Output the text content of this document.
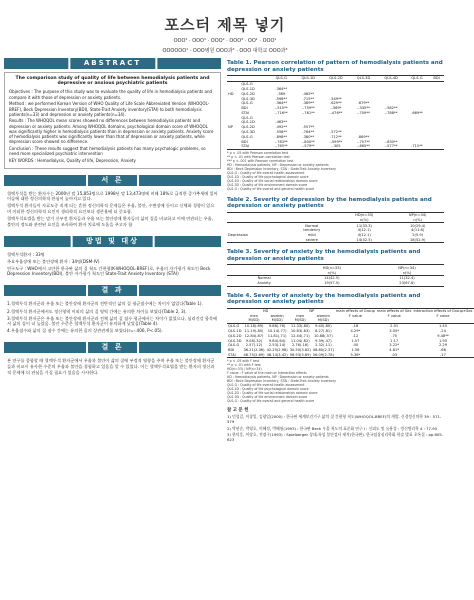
포스터 제목 넣기
OOO¹ · OOO¹ · OOO² · OOO³ · OO¹ · OOO¹
OOOOOO¹ · OOO병원 OOO과² · OOO 대학교 OOO과³
ABSTRACT
The comparison study of quality of life between hemodialysis patients and depressive or anxious psychiatric patients

Objectives : The purpose of this study was to evaluate the quality of life in hemodialysis patients and compare it with those of depression or anxiety patients.

Method : we performed Korean Version of WHO Quality of Life Scale Abbreviated Version (WHOQOL-BREF), Beck Depression Inventory(BDI), State-Trait Anxiety inventory(STAI) to both hemodialysis patients(n=33) and depression or anxiety patients(n=34).

Results : The WHOQOL mean scores showed no differences between hemodialysis patients and depression or anxiety patients. Among WHOQOL domains, psychological domain score of WHOQOL was significantly higher in hemodialysis patients than in depression or anxiety patients. Anxiety score of hemodialysis patients was significantly lower than that of depression or anxiety patients, while depression score showed no difference.

Conclusion : These results suggest that hemodialysis patients has many psychologic problems, so need more specialized psychiatric intervention

KEY WORDS : Hemodialysis, Quality of life, Depression, Anxiety

서 론

혈액투석을 받는 환자수는 2000년 말 15,853명으로 1998년 말 13,473명에 비해 18%로 급격한 증가추세에 있어 이들에 대한 정신의학적 관심이 높아지고 있다.

혈액투석 환자들이 자료도중 직계 되는 흔한 정신의학적 문제들은 우울, 불안, 수면장애 등이고 신체화 경향이 있으며 이러한 정신의학적 요인이 생리학적 요인보다 생존율에 더 중요함.

혈액투석요법을 받는 말기 신부전 환자들과 우울 또는 불안장애 환자들의 삶의 질을 비교하고 이에 연관되는 우울, 불안의 정도와 관련된 요인을 조사하여 환자 치료에 도움을 주고자 함

방법 및 대상

혈액투석환자 : 33명

주요우울장애 또는 불안장애 환자 : 34명(DSM-IV)

연구도구 : WHO에서 고안한 한국판 삶의 질 척도 간편형(K-WHOQOL-BREF)로, 우울의 자가평가 척도인 Beck Depression Inventory(BDI), 불안 자가평가 척도인 State-Trait Anxiety Inventory (STAI)

결 과

1.혈액투석 환자군과 우울 또는 불안장애 환자군의 전반적인 삶의 질 평균점수에는 차이가 없었다(Table 1).

2.혈액투석 환자군에서도 정신영역 이외의 삶의 질 영역 간에는 유의한 차이를 보였다(Table 2, 3).

3.혈액투석 환자군은 우울 또는 불안장애 환자군과 전체 삶의 질 점수 평균에서는 차이가 없었으나, 심리건강 항목에서 삶의 질이 더 높았음. 불안 수준은 혈액투석 환자군이 유의하게 낮았음(Table 4).

4.우울점수와 삶의 질 점수 간에는 유의한 음의 상관관계를 보였다(r=-.406, P<.05).

결 론

본 연구를 종합할 때 혈액투석 환자군에서 우울과 불안이 삶의 질에 부정적 영향을 주며 우울 또는 불안장애 환자군들과 비교시 유사한 수준의 우울과 불안을 경험하고 있음을 알 수 있었다. 이는 혈액투석요법을 받는 환자의 정신과적 문제에 더 관심을 가질 필요가 있음을 시사한다.

Table 1. Pearson correlation of pattern of hemodialysis patients and depression or anxiety patients
		QLS-G	QLS-1D	QLS-2D	QLS-3D	QLS-4D	QLS-G	BDI
	QLS-G							
	QLS-1D	.364**						
HD	QLS-2D	.369	.465**					
	QLS-3D	.598**	.715**	.549**				
	QLS-G	.364**	.369**	.629**	.679**			
	BDI	-.515**	-.759**	-.369*	-.335**	-.582**		
	STAI	-.716**	-.761**	-.476**	-.709**	-.788**	.669**	
	QLS-G							
	QLS-1D	.463**						
NP	QLS-2D	.492**	.557**					
	QLS-3D	.558**	.764**	.572**				
	QLS-G	.898**	.380**	.712**	.869**			
	BDI	-.763**	-.800**	-.599**	-.757**	-.630**		
	STAI	-.765**	-.579**	-.305	-.665**	-.577**	.715**	
* p < .05 with Pearson correlation test
** p < .01 with Pearson correlation test
*** p < .001 with Pearson correlation test
HD : Hemodialysis patients, NP : Depression or anxiety patients
BDI : Beck Depression Inventory, STAI : State-Trait Anxiety Inventory
QLS-G : Quality of life overall health assessment
QLS-1D : Quality of life psychological domain score
QLS-2D : Quality of life social relationships domain score
QLS-3D : Quality of life environment domain score
QLS-G : Quality of life overall and general health score
Table 2. Severity of depression by the hemodialysis patients and depression or anxiety patients
		HD(n=33)	NP(n=34)
		n(%)	n(%)
	Normal	11(33.3)	10(29.4)
	tendency	4(12.1)	4(11.8)
Depression	mild	4(12.1)	2(5.9)
	severe	14(42.5)	18(52.9)
Table 3. Severity of anxiety by the hemodialysis patients and depression or anxiety patients
		HD(n=33)	NP(n=34)
		n(%)	n(%)
	Normal	14(42.5)	11(32.4)
	Anxiety	19(57.5)	23(67.6)
Table 4. Severity of anxiety by the hemodialysis patients and depression or anxiety patients
	HD		NP		main effects of Group	main effects of Sex	Interaction effects of Group×Sex
	men	women	men	women	F value	F value	F value
	M(SD)	M(SD)	M(SD)	M(SD)			
QLS-G	10.18(.69)	9.86(.76)	11.33(.80)	9.40(.80)	.18	2.01	1.45
QLS-1D	11.19(.80)	10.14(.77)	10.83(.83)	8.27(.81)	4.29*	3.05*	.24
QLS-2D	12.84(.87)	11.81(.71)	12.44(.71)	10.88(.57)	.12	.75	9.48**
QLS-3D	9.08(.32)	9.84(.64)	11.04(.82)	9.39(.47)	1.57	1.17	1.95
QLS-G	2.57(.12)	2.53(.14)	2.76(.16)	2.32(.11)	.00	3.22*	2.29
BDI	36.21(2.36)	42.25(2.98)	30.50(3.82)	48.60(2.37)	1.58	4.81*	.66
STAI	46.75(2.69)	48.14(3.42)	56.93(3.69)	56.09(2.78)	5.36*	.03	.17
* p < .05 with F test
** p < .01 with F test
HD(n=33) / NP(n=34)
F value : F value of the main or interaction effects
HD : Hemodialysis patients, NP : Depression or anxiety patients
BDI : Beck Depression Inventory, STAI : State-Trait Anxiety Inventory
QLS-G : Quality of life overall health assessment
QLS-1D : Quality of life psychological domain score
QLS-2D : Quality of life social relationships domain score
QLS-3D : Quality of life environment domain score
QLS-G : Quality of life overall and general health score
참 고 문 헌

1) 민성길, 이창일, 김광일(2000) : 한국판 세계보건기구 삶의 질 간편형 척도(WHOQOL-BREF)의 개발. 신경정신의학 39 : 571-579

2) 박현순, 박영호, 이혜정, 박혜원(1993) : 한국판 Beck 우울 척도의 표준화 연구 I : 신뢰도 및 유용성 : 정신병리학 4 : 77-95

3) 한덕웅, 이장호, 전겸구(1993) : Spielberger 상태-특성 불안검사 제작(한국판). 한국임상심리학회 학술 발표 초록집 : pp.605-623
